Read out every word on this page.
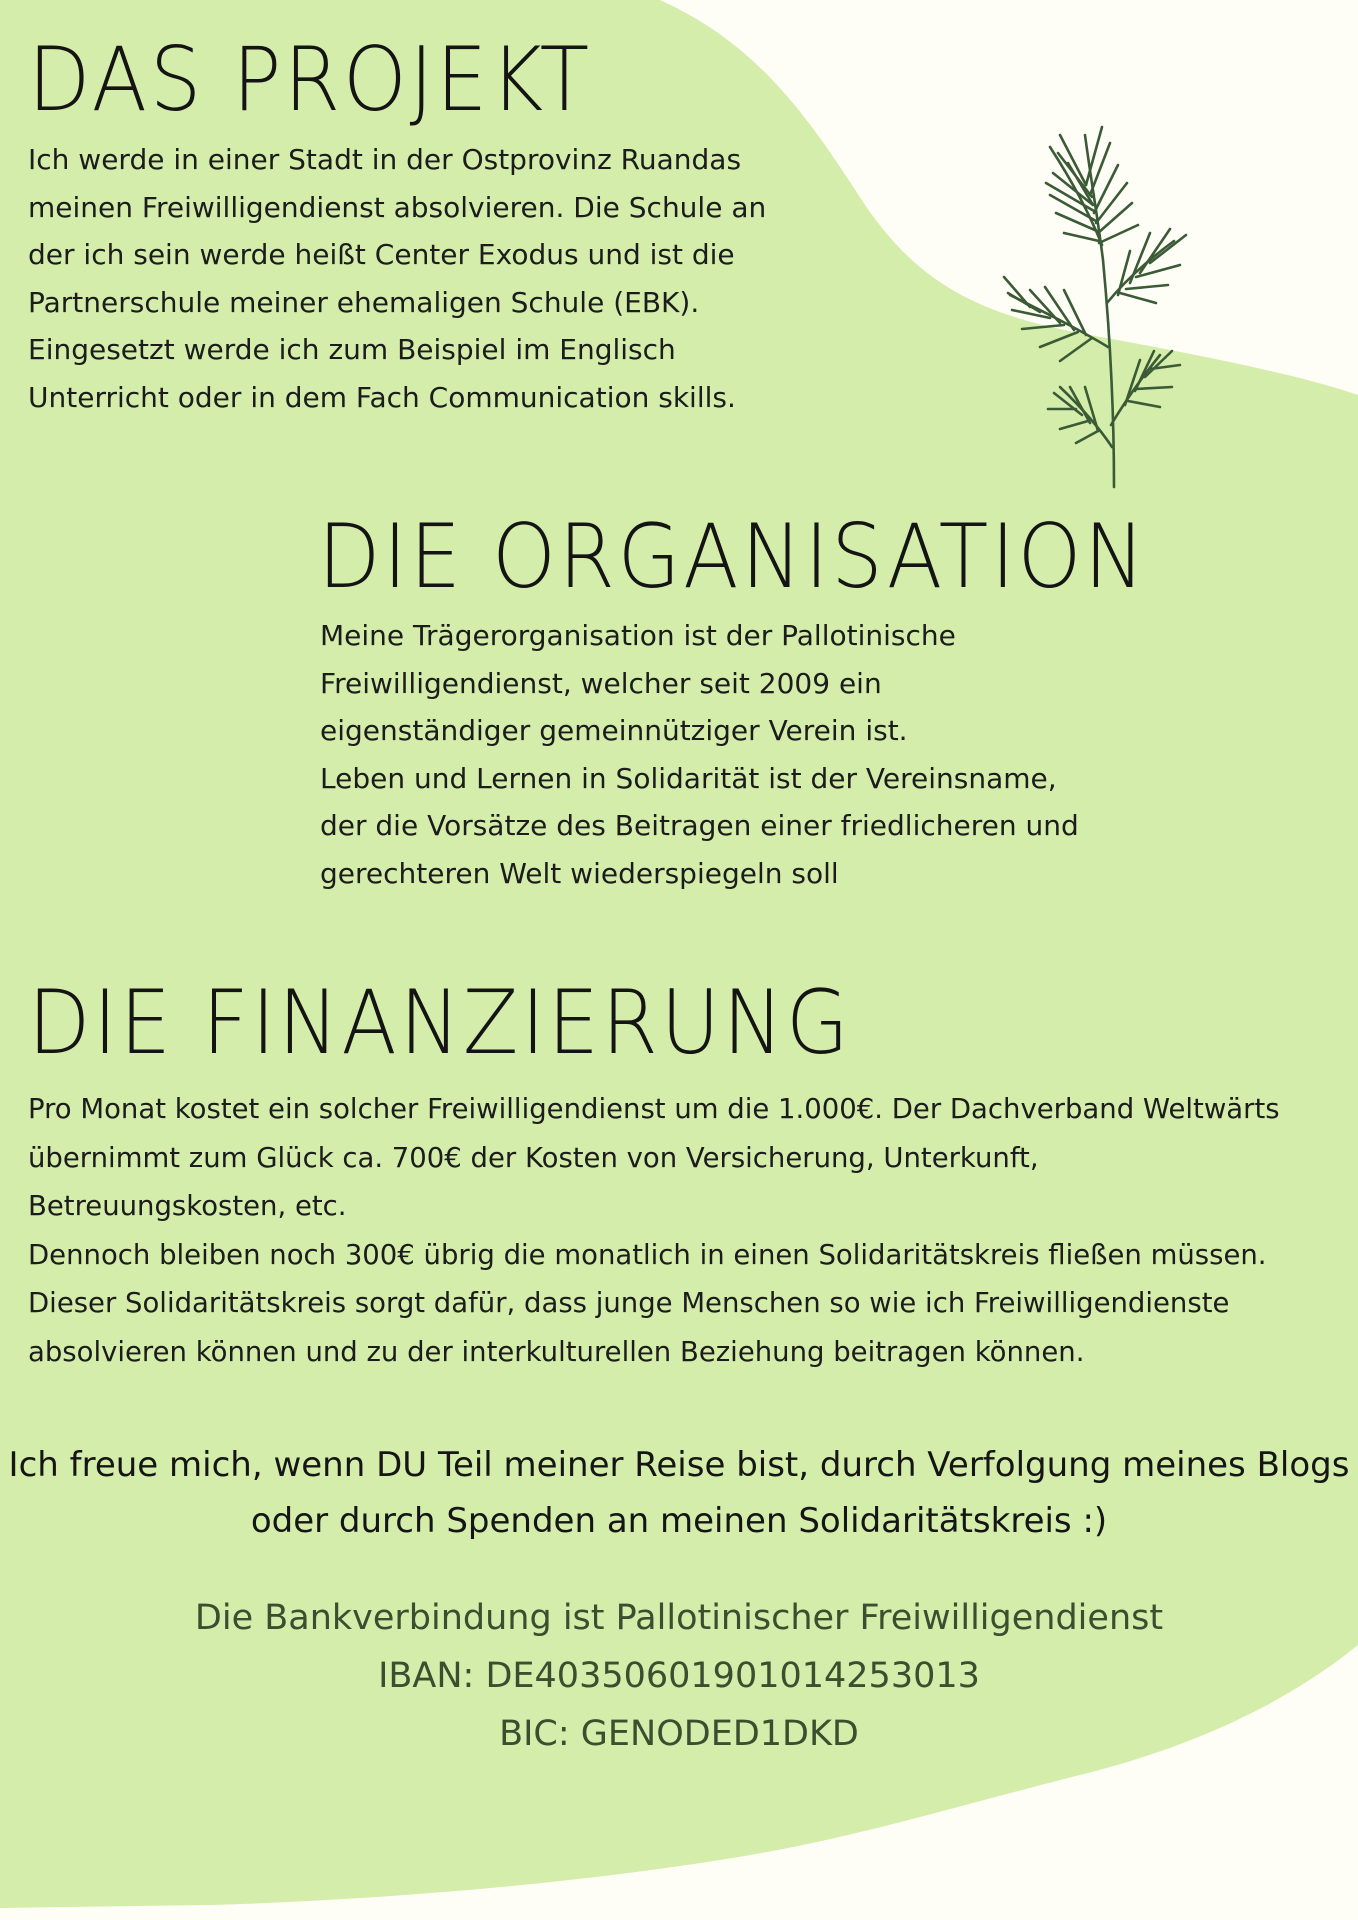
DAS PROJEKT
Ich werde in einer Stadt in der Ostprovinz Ruandas
meinen Freiwilligendienst absolvieren. Die Schule an
der ich sein werde heißt Center Exodus und ist die
Partnerschule meiner ehemaligen Schule (EBK).
Eingesetzt werde ich zum Beispiel im Englisch
Unterricht oder in dem Fach Communication skills.
DIE ORGANISATION
Meine Trägerorganisation ist der Pallotinische
Freiwilligendienst, welcher seit 2009 ein
eigenständiger gemeinnütziger Verein ist.
Leben und Lernen in Solidarität ist der Vereinsname,
der die Vorsätze des Beitragen einer friedlicheren und
gerechteren Welt wiederspiegeln soll
DIE FINANZIERUNG
Pro Monat kostet ein solcher Freiwilligendienst um die 1.000€. Der Dachverband Weltwärts
übernimmt zum Glück ca. 700€ der Kosten von Versicherung, Unterkunft,
Betreuungskosten, etc.
Dennoch bleiben noch 300€ übrig die monatlich in einen Solidaritätskreis fließen müssen.
Dieser Solidaritätskreis sorgt dafür, dass junge Menschen so wie ich Freiwilligendienste
absolvieren können und zu der interkulturellen Beziehung beitragen können.
Ich freue mich, wenn DU Teil meiner Reise bist, durch Verfolgung meines Blogs
oder durch Spenden an meinen Solidaritätskreis :)
Die Bankverbindung ist Pallotinischer Freiwilligendienst
IBAN: DE40350601901014253013
BIC: GENODED1DKD
